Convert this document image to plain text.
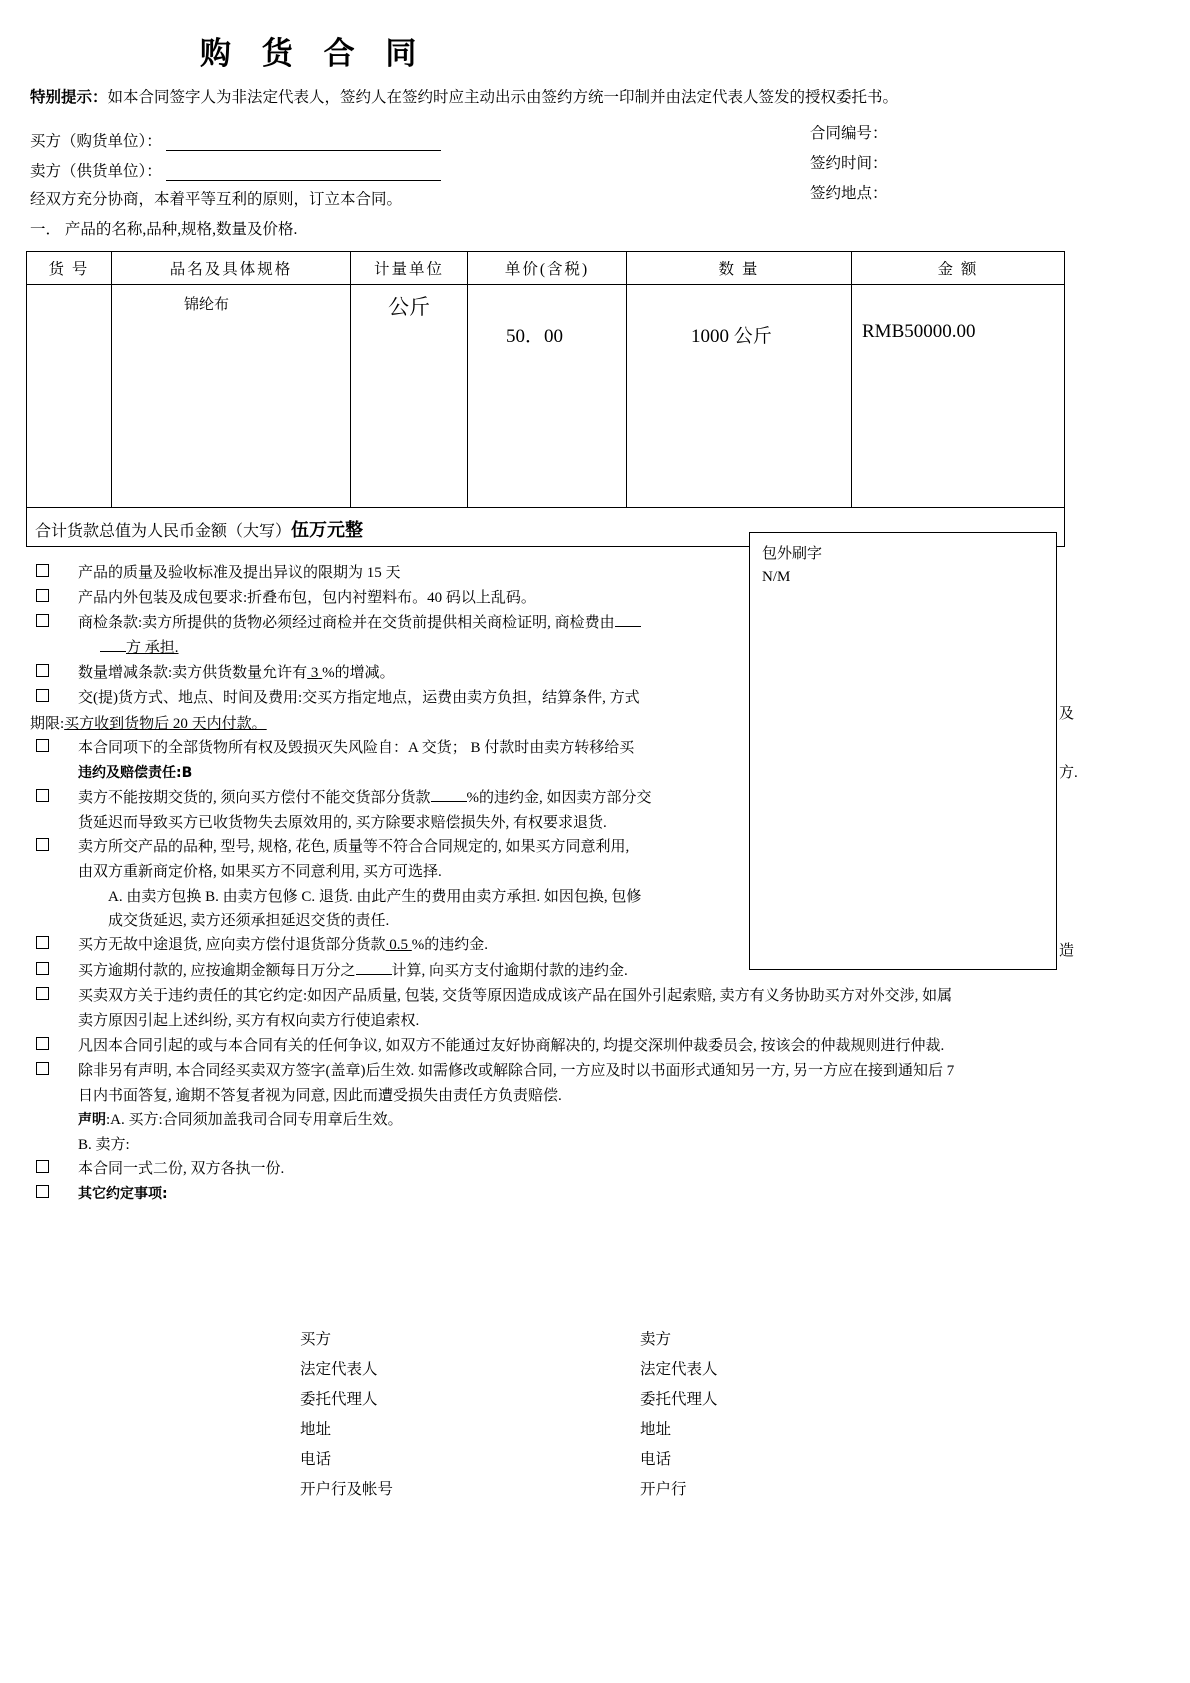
购 货 合 同
特别提示：如本合同签字人为非法定代表人，签约人在签约时应主动出示由签约方统一印制并由法定代表人签发的授权委托书。
买方（购货单位）：	合同编号：
卖方（供货单位）：	签约时间：
经双方充分协商，本着平等互利的原则，订立本合同。	签约地点：
一． 产品的名称,品种,规格,数量及价格.
货 号	品名及具体规格	计量单位	单价(含税)	数 量	金 额
	锦纶布	公斤	50．00	1000 公斤	RMB50000.00
合计货款总值为人民币金额（大写）伍万元整					
包外刷字
N/M
产品的质量及验收标准及提出异议的限期为 15 天
产品内外包装及成包要求:折叠布包，包内衬塑料布。40 码以上乱码。
商检条款:卖方所提供的货物必须经过商检并在交货前提供相关商检证明, 商检费由
方 承担.
数量增减条款:卖方供货数量允许有 3 %的增减。
交(提)货方式、地点、时间及费用:交买方指定地点，运费由卖方负担，结算条件, 方式
期限:买方收到货物后 20 天内付款。
本合同项下的全部货物所有权及毁损灭失风险自：A 交货； B 付款时由卖方转移给买
违约及赔偿责任:B
卖方不能按期交货的, 须向买方偿付不能交货部分货款 %的违约金, 如因卖方部分交
货延迟而导致买方已收货物失去原效用的, 买方除要求赔偿损失外, 有权要求退货.
卖方所交产品的品种, 型号, 规格, 花色, 质量等不符合合同规定的, 如果买方同意利用,
由双方重新商定价格, 如果买方不同意利用, 买方可选择.
A. 由卖方包换 B. 由卖方包修 C. 退货. 由此产生的费用由卖方承担. 如因包换, 包修
成交货延迟, 卖方还须承担延迟交货的责任.
买方无故中途退货, 应向卖方偿付退货部分货款 0.5 %的违约金.
买方逾期付款的, 应按逾期金额每日万分之 计算, 向买方支付逾期付款的违约金.
买卖双方关于违约责任的其它约定:如因产品质量, 包装, 交货等原因造成成该产品在国外引起索赔, 卖方有义务协助买方对外交涉, 如属
卖方原因引起上述纠纷, 买方有权向卖方行使追索权.
凡因本合同引起的或与本合同有关的任何争议, 如双方不能通过友好协商解决的, 均提交深圳仲裁委员会, 按该会的仲裁规则进行仲裁.
除非另有声明, 本合同经买卖双方签字(盖章)后生效. 如需修改或解除合同, 一方应及时以书面形式通知另一方, 另一方应在接到通知后 7
日内书面答复, 逾期不答复者视为同意, 因此而遭受损失由责任方负责赔偿.
声明:A. 买方:合同须加盖我司合同专用章后生效。
B. 卖方:
本合同一式二份, 双方各执一份.
其它约定事项:
及
方.
造
买方	卖方
法定代表人	法定代表人
委托代理人	委托代理人
地址	地址
电话	电话
开户行及帐号	开户行
